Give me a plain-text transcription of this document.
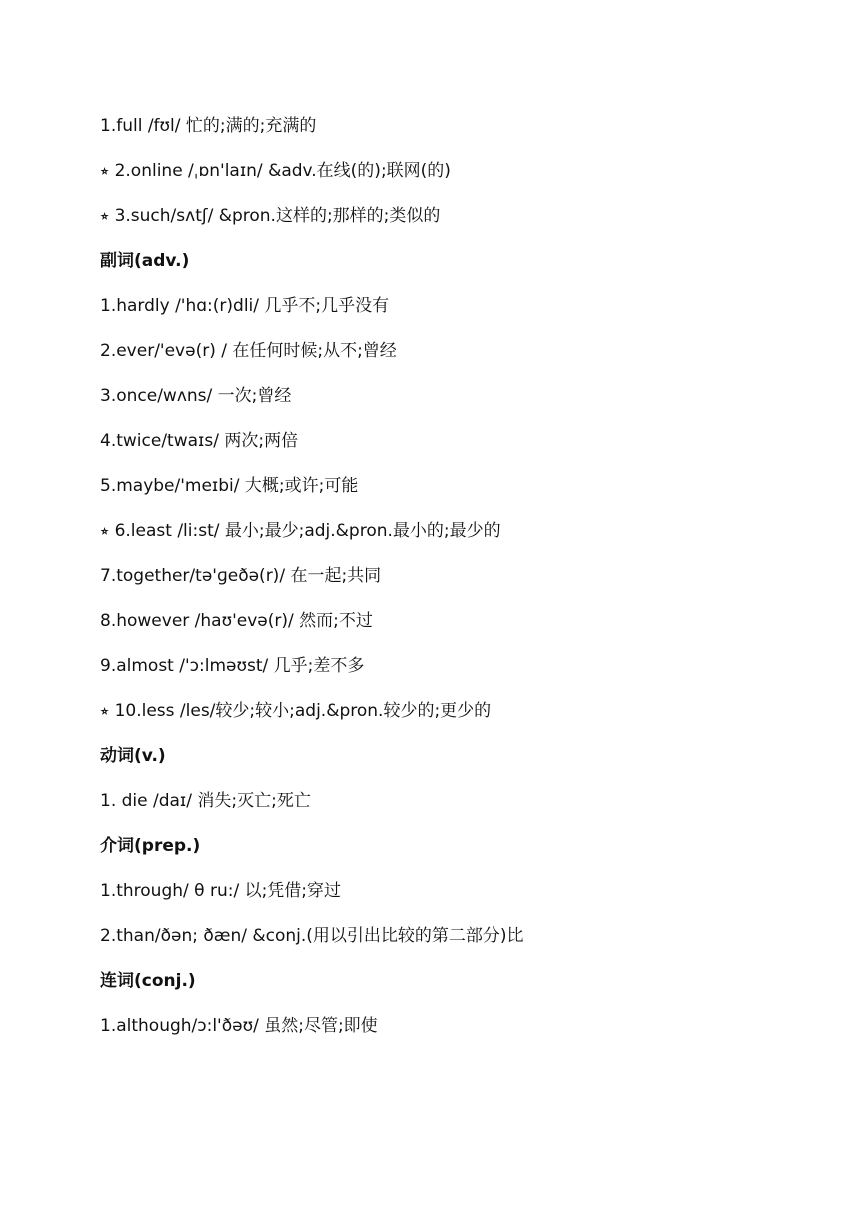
1.full /fʊl/ 忙的;满的;充满的
⭒ 2.online /ˌɒn'laɪn/ &adv.在线(的);联网(的)
⭒ 3.such/sʌtʃ/ &pron.这样的;那样的;类似的
副词(adv.)
1.hardly /'hɑ:(r)dli/ 几乎不;几乎没有
2.ever/'evə(r) / 在任何时候;从不;曾经
3.once/wʌns/ 一次;曾经
4.twice/twaɪs/ 两次;两倍
5.maybe/'meɪbi/ 大概;或许;可能
⭒ 6.least /li:st/ 最小;最少;adj.&pron.最小的;最少的
7.together/tə'ɡeðə(r)/ 在一起;共同
8.however /haʊ'evə(r)/ 然而;不过
9.almost /'ɔ:lməʊst/ 几乎;差不多
⭒ 10.less /les/较少;较小;adj.&pron.较少的;更少的
动词(v.)
1. die /daɪ/ 消失;灭亡;死亡
介词(prep.)
1.through/ θ ru:/ 以;凭借;穿过
2.than/ðən; ðæn/ &conj.(用以引出比较的第二部分)比
连词(conj.)
1.although/ɔ:l'ðəʊ/ 虽然;尽管;即使
